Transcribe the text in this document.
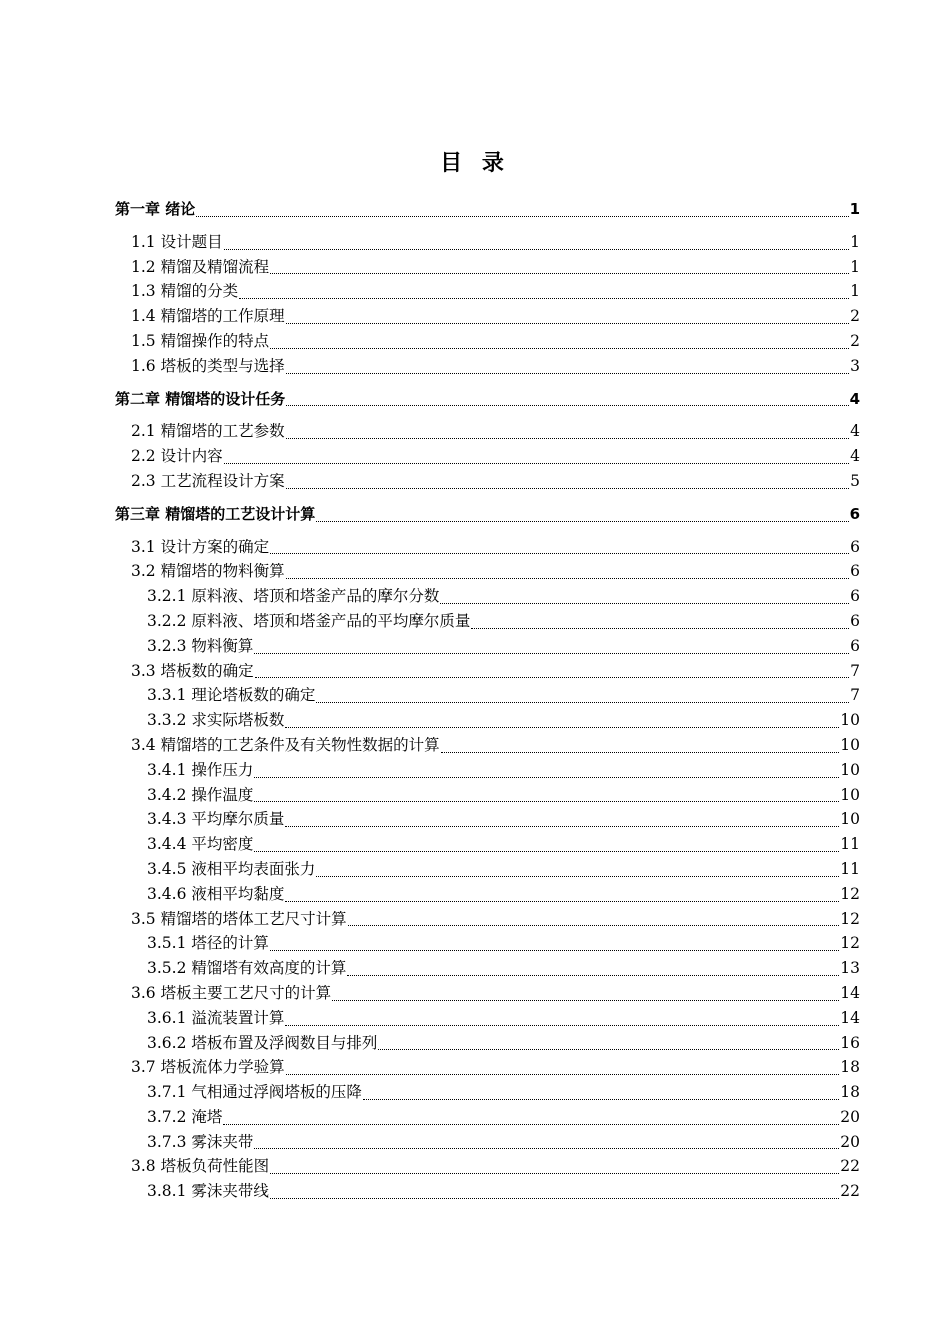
目 录
第一章 绪论	1
1.1 设计题目	1
1.2 精馏及精馏流程	1
1.3 精馏的分类	1
1.4 精馏塔的工作原理	2
1.5 精馏操作的特点	2
1.6 塔板的类型与选择	3
第二章 精馏塔的设计任务	4
2.1 精馏塔的工艺参数	4
2.2 设计内容	4
2.3 工艺流程设计方案	5
第三章 精馏塔的工艺设计计算	6
3.1 设计方案的确定	6
3.2 精馏塔的物料衡算	6
3.2.1 原料液、塔顶和塔釜产品的摩尔分数	6
3.2.2 原料液、塔顶和塔釜产品的平均摩尔质量	6
3.2.3 物料衡算	6
3.3 塔板数的确定	7
3.3.1 理论塔板数的确定	7
3.3.2 求实际塔板数	10
3.4 精馏塔的工艺条件及有关物性数据的计算	10
3.4.1 操作压力	10
3.4.2 操作温度	10
3.4.3 平均摩尔质量	10
3.4.4 平均密度	11
3.4.5 液相平均表面张力	11
3.4.6 液相平均黏度	12
3.5 精馏塔的塔体工艺尺寸计算	12
3.5.1 塔径的计算	12
3.5.2 精馏塔有效高度的计算	13
3.6 塔板主要工艺尺寸的计算	14
3.6.1 溢流装置计算	14
3.6.2 塔板布置及浮阀数目与排列	16
3.7 塔板流体力学验算	18
3.7.1 气相通过浮阀塔板的压降	18
3.7.2 淹塔	20
3.7.3 雾沫夹带	20
3.8 塔板负荷性能图	22
3.8.1 雾沫夹带线	22
